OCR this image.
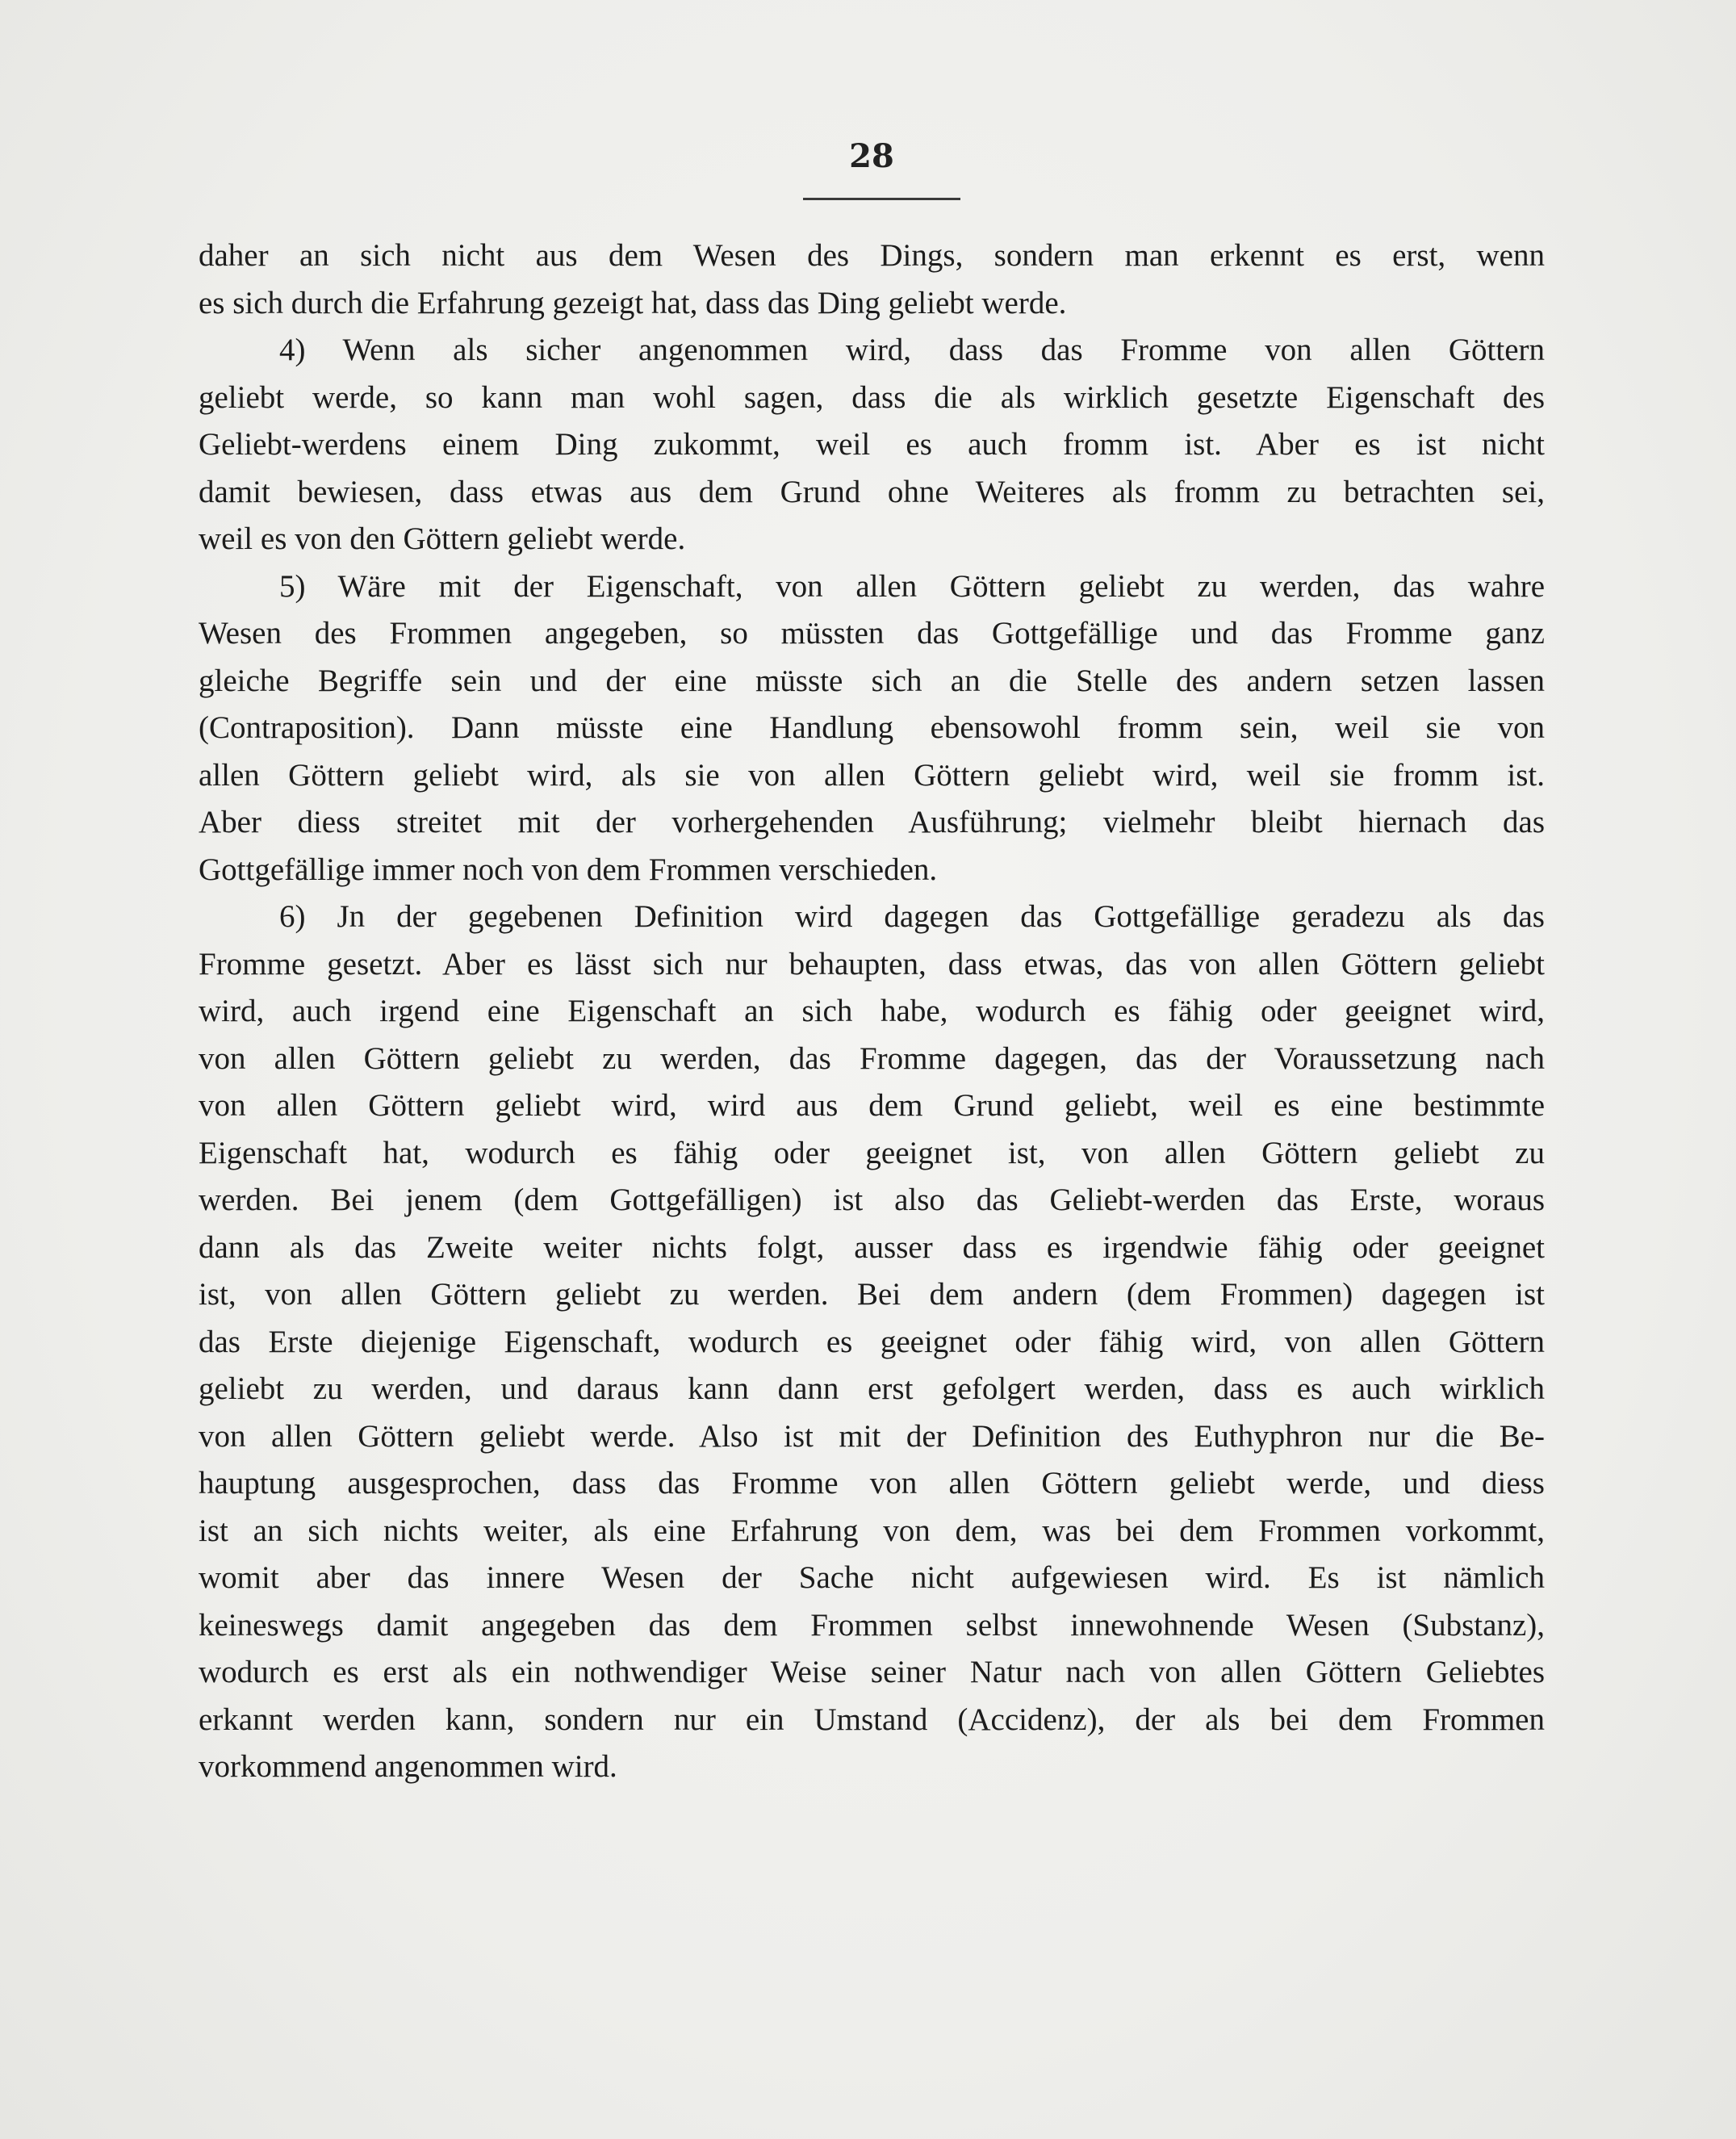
28
daher an sich nicht aus dem Wesen des Dings, sondern man erkennt es erst, wenn
es sich durch die Erfahrung gezeigt hat, dass das Ding geliebt werde.
4) Wenn als sicher angenommen wird, dass das Fromme von allen Göttern
geliebt werde, so kann man wohl sagen, dass die als wirklich gesetzte Eigenschaft des
Geliebt-werdens einem Ding zukommt, weil es auch fromm ist. Aber es ist nicht
damit bewiesen, dass etwas aus dem Grund ohne Weiteres als fromm zu betrachten sei,
weil es von den Göttern geliebt werde.
5) Wäre mit der Eigenschaft, von allen Göttern geliebt zu werden, das wahre
Wesen des Frommen angegeben, so müssten das Gottgefällige und das Fromme ganz
gleiche Begriffe sein und der eine müsste sich an die Stelle des andern setzen lassen
(Contraposition). Dann müsste eine Handlung ebensowohl fromm sein, weil sie von
allen Göttern geliebt wird, als sie von allen Göttern geliebt wird, weil sie fromm ist.
Aber diess streitet mit der vorhergehenden Ausführung; vielmehr bleibt hiernach das
Gottgefällige immer noch von dem Frommen verschieden.
6) Jn der gegebenen Definition wird dagegen das Gottgefällige geradezu als das
Fromme gesetzt. Aber es lässt sich nur behaupten, dass etwas, das von allen Göttern geliebt
wird, auch irgend eine Eigenschaft an sich habe, wodurch es fähig oder geeignet wird,
von allen Göttern geliebt zu werden, das Fromme dagegen, das der Voraussetzung nach
von allen Göttern geliebt wird, wird aus dem Grund geliebt, weil es eine bestimmte
Eigenschaft hat, wodurch es fähig oder geeignet ist, von allen Göttern geliebt zu
werden. Bei jenem (dem Gottgefälligen) ist also das Geliebt-werden das Erste, woraus
dann als das Zweite weiter nichts folgt, ausser dass es irgendwie fähig oder geeignet
ist, von allen Göttern geliebt zu werden. Bei dem andern (dem Frommen) dagegen ist
das Erste diejenige Eigenschaft, wodurch es geeignet oder fähig wird, von allen Göttern
geliebt zu werden, und daraus kann dann erst gefolgert werden, dass es auch wirklich
von allen Göttern geliebt werde. Also ist mit der Definition des Euthyphron nur die Be-
hauptung ausgesprochen, dass das Fromme von allen Göttern geliebt werde, und diess
ist an sich nichts weiter, als eine Erfahrung von dem, was bei dem Frommen vorkommt,
womit aber das innere Wesen der Sache nicht aufgewiesen wird. Es ist nämlich
keineswegs damit angegeben das dem Frommen selbst innewohnende Wesen (Substanz),
wodurch es erst als ein nothwendiger Weise seiner Natur nach von allen Göttern Geliebtes
erkannt werden kann, sondern nur ein Umstand (Accidenz), der als bei dem Frommen
vorkommend angenommen wird.
